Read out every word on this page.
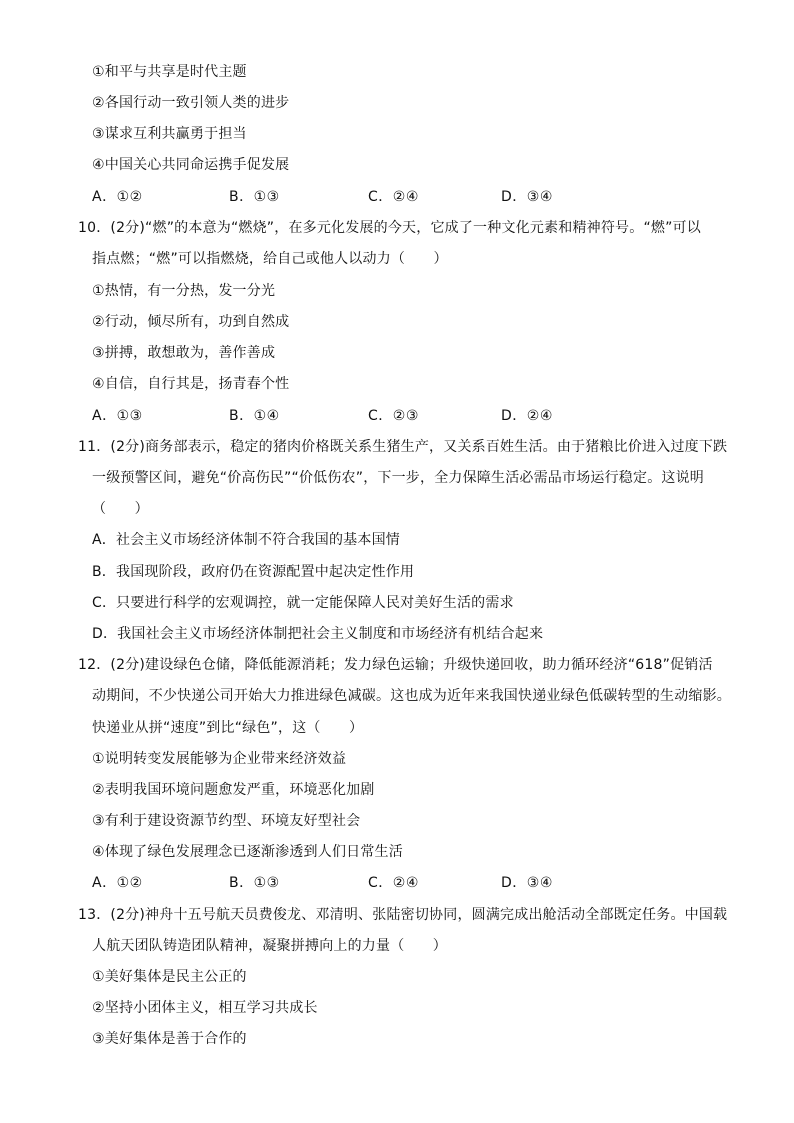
①和平与共享是时代主题
②各国行动一致引领人类的进步
③谋求互利共赢勇于担当
④中国关心共同命运携手促发展
A．①②	B．①③	C．②④	D．③④
10．(2分)“燃”的本意为“燃烧”，在多元化发展的今天，它成了一种文化元素和精神符号。“燃”可以
指点燃；“燃”可以指燃烧，给自己或他人以动力（　　）
①热情，有一分热，发一分光
②行动，倾尽所有，功到自然成
③拼搏，敢想敢为，善作善成
④自信，自行其是，扬青春个性
A．①③	B．①④	C．②③	D．②④
11．(2分)商务部表示，稳定的猪肉价格既关系生猪生产，又关系百姓生活。由于猪粮比价进入过度下跌
一级预警区间，避免“价高伤民”“价低伤农”，下一步，全力保障生活必需品市场运行稳定。这说明
（　　）
A．社会主义市场经济体制不符合我国的基本国情
B．我国现阶段，政府仍在资源配置中起决定性作用
C．只要进行科学的宏观调控，就一定能保障人民对美好生活的需求
D．我国社会主义市场经济体制把社会主义制度和市场经济有机结合起来
12．(2分)建设绿色仓储，降低能源消耗；发力绿色运输；升级快递回收，助力循环经济“618”促销活
动期间，不少快递公司开始大力推进绿色减碳。这也成为近年来我国快递业绿色低碳转型的生动缩影。
快递业从拼“速度”到比“绿色”，这（　　）
①说明转变发展能够为企业带来经济效益
②表明我国环境问题愈发严重，环境恶化加剧
③有利于建设资源节约型、环境友好型社会
④体现了绿色发展理念已逐渐渗透到人们日常生活
A．①②	B．①③	C．②④	D．③④
13．(2分)神舟十五号航天员费俊龙、邓清明、张陆密切协同，圆满完成出舱活动全部既定任务。中国载
人航天团队铸造团队精神，凝聚拼搏向上的力量（　　）
①美好集体是民主公正的
②坚持小团体主义，相互学习共成长
③美好集体是善于合作的
